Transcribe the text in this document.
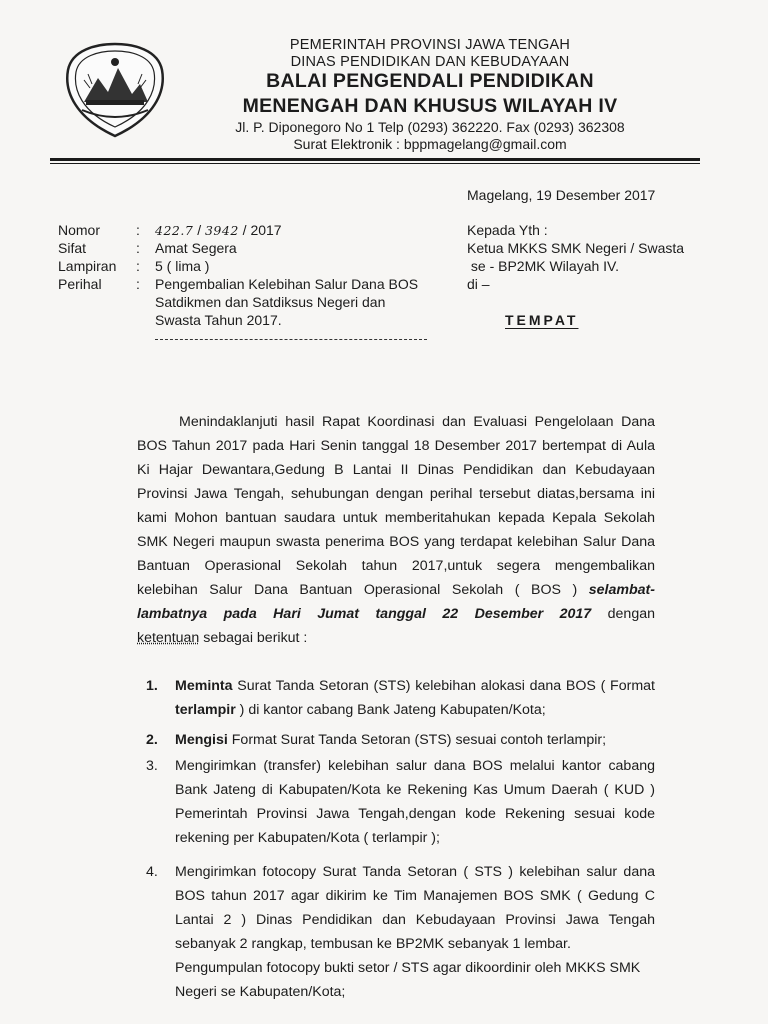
PEMERINTAH PROVINSI JAWA TENGAH
DINAS PENDIDIKAN DAN KEBUDAYAAN
BALAI PENGENDALI PENDIDIKAN
MENENGAH DAN KHUSUS WILAYAH IV
Jl. P. Diponegoro No 1 Telp (0293) 362220. Fax (0293) 362308
Surat Elektronik : bppmagelang@gmail.com
Magelang, 19 Desember 2017
Nomor	: 422.7 / 3942 / 2017
Sifat	: Amat Segera
Lampiran : 5 ( lima )
Perihal : Pengembalian Kelebihan Salur Dana BOS
Satdikmen dan Satdiksus Negeri dan
Swasta Tahun 2017.
Kepada Yth :
Ketua MKKS SMK Negeri / Swasta
se - BP2MK Wilayah IV.
di –
TEMPAT
Menindaklanjuti hasil Rapat Koordinasi dan Evaluasi Pengelolaan Dana
BOS Tahun 2017 pada Hari Senin tanggal 18 Desember 2017 bertempat di Aula
Ki Hajar Dewantara,Gedung B Lantai II Dinas Pendidikan dan Kebudayaan
Provinsi Jawa Tengah, sehubungan dengan perihal tersebut diatas,bersama ini
kami Mohon bantuan saudara untuk memberitahukan kepada Kepala Sekolah
SMK Negeri maupun swasta penerima BOS yang terdapat kelebihan Salur Dana
Bantuan Operasional Sekolah tahun 2017,untuk segera mengembalikan
kelebihan Salur Dana Bantuan Operasional Sekolah ( BOS ) selambat-
lambatnya pada Hari Jumat tanggal 22 Desember 2017 dengan
ketentuan sebagai berikut :
1. Meminta Surat Tanda Setoran (STS) kelebihan alokasi dana BOS ( Format
terlampir ) di kantor cabang Bank Jateng Kabupaten/Kota;
2. Mengisi Format Surat Tanda Setoran (STS) sesuai contoh terlampir;
3. Mengirimkan (transfer) kelebihan salur dana BOS melalui kantor cabang
Bank Jateng di Kabupaten/Kota ke Rekening Kas Umum Daerah ( KUD )
Pemerintah Provinsi Jawa Tengah,dengan kode Rekening sesuai kode
rekening per Kabupaten/Kota ( terlampir );
4. Mengirimkan fotocopy Surat Tanda Setoran ( STS ) kelebihan salur dana
BOS tahun 2017 agar dikirim ke Tim Manajemen BOS SMK ( Gedung C
Lantai 2 ) Dinas Pendidikan dan Kebudayaan Provinsi Jawa Tengah
sebanyak 2 rangkap, tembusan ke BP2MK sebanyak 1 lembar.
Pengumpulan fotocopy bukti setor / STS agar dikoordinir oleh MKKS SMK
Negeri se Kabupaten/Kota;
